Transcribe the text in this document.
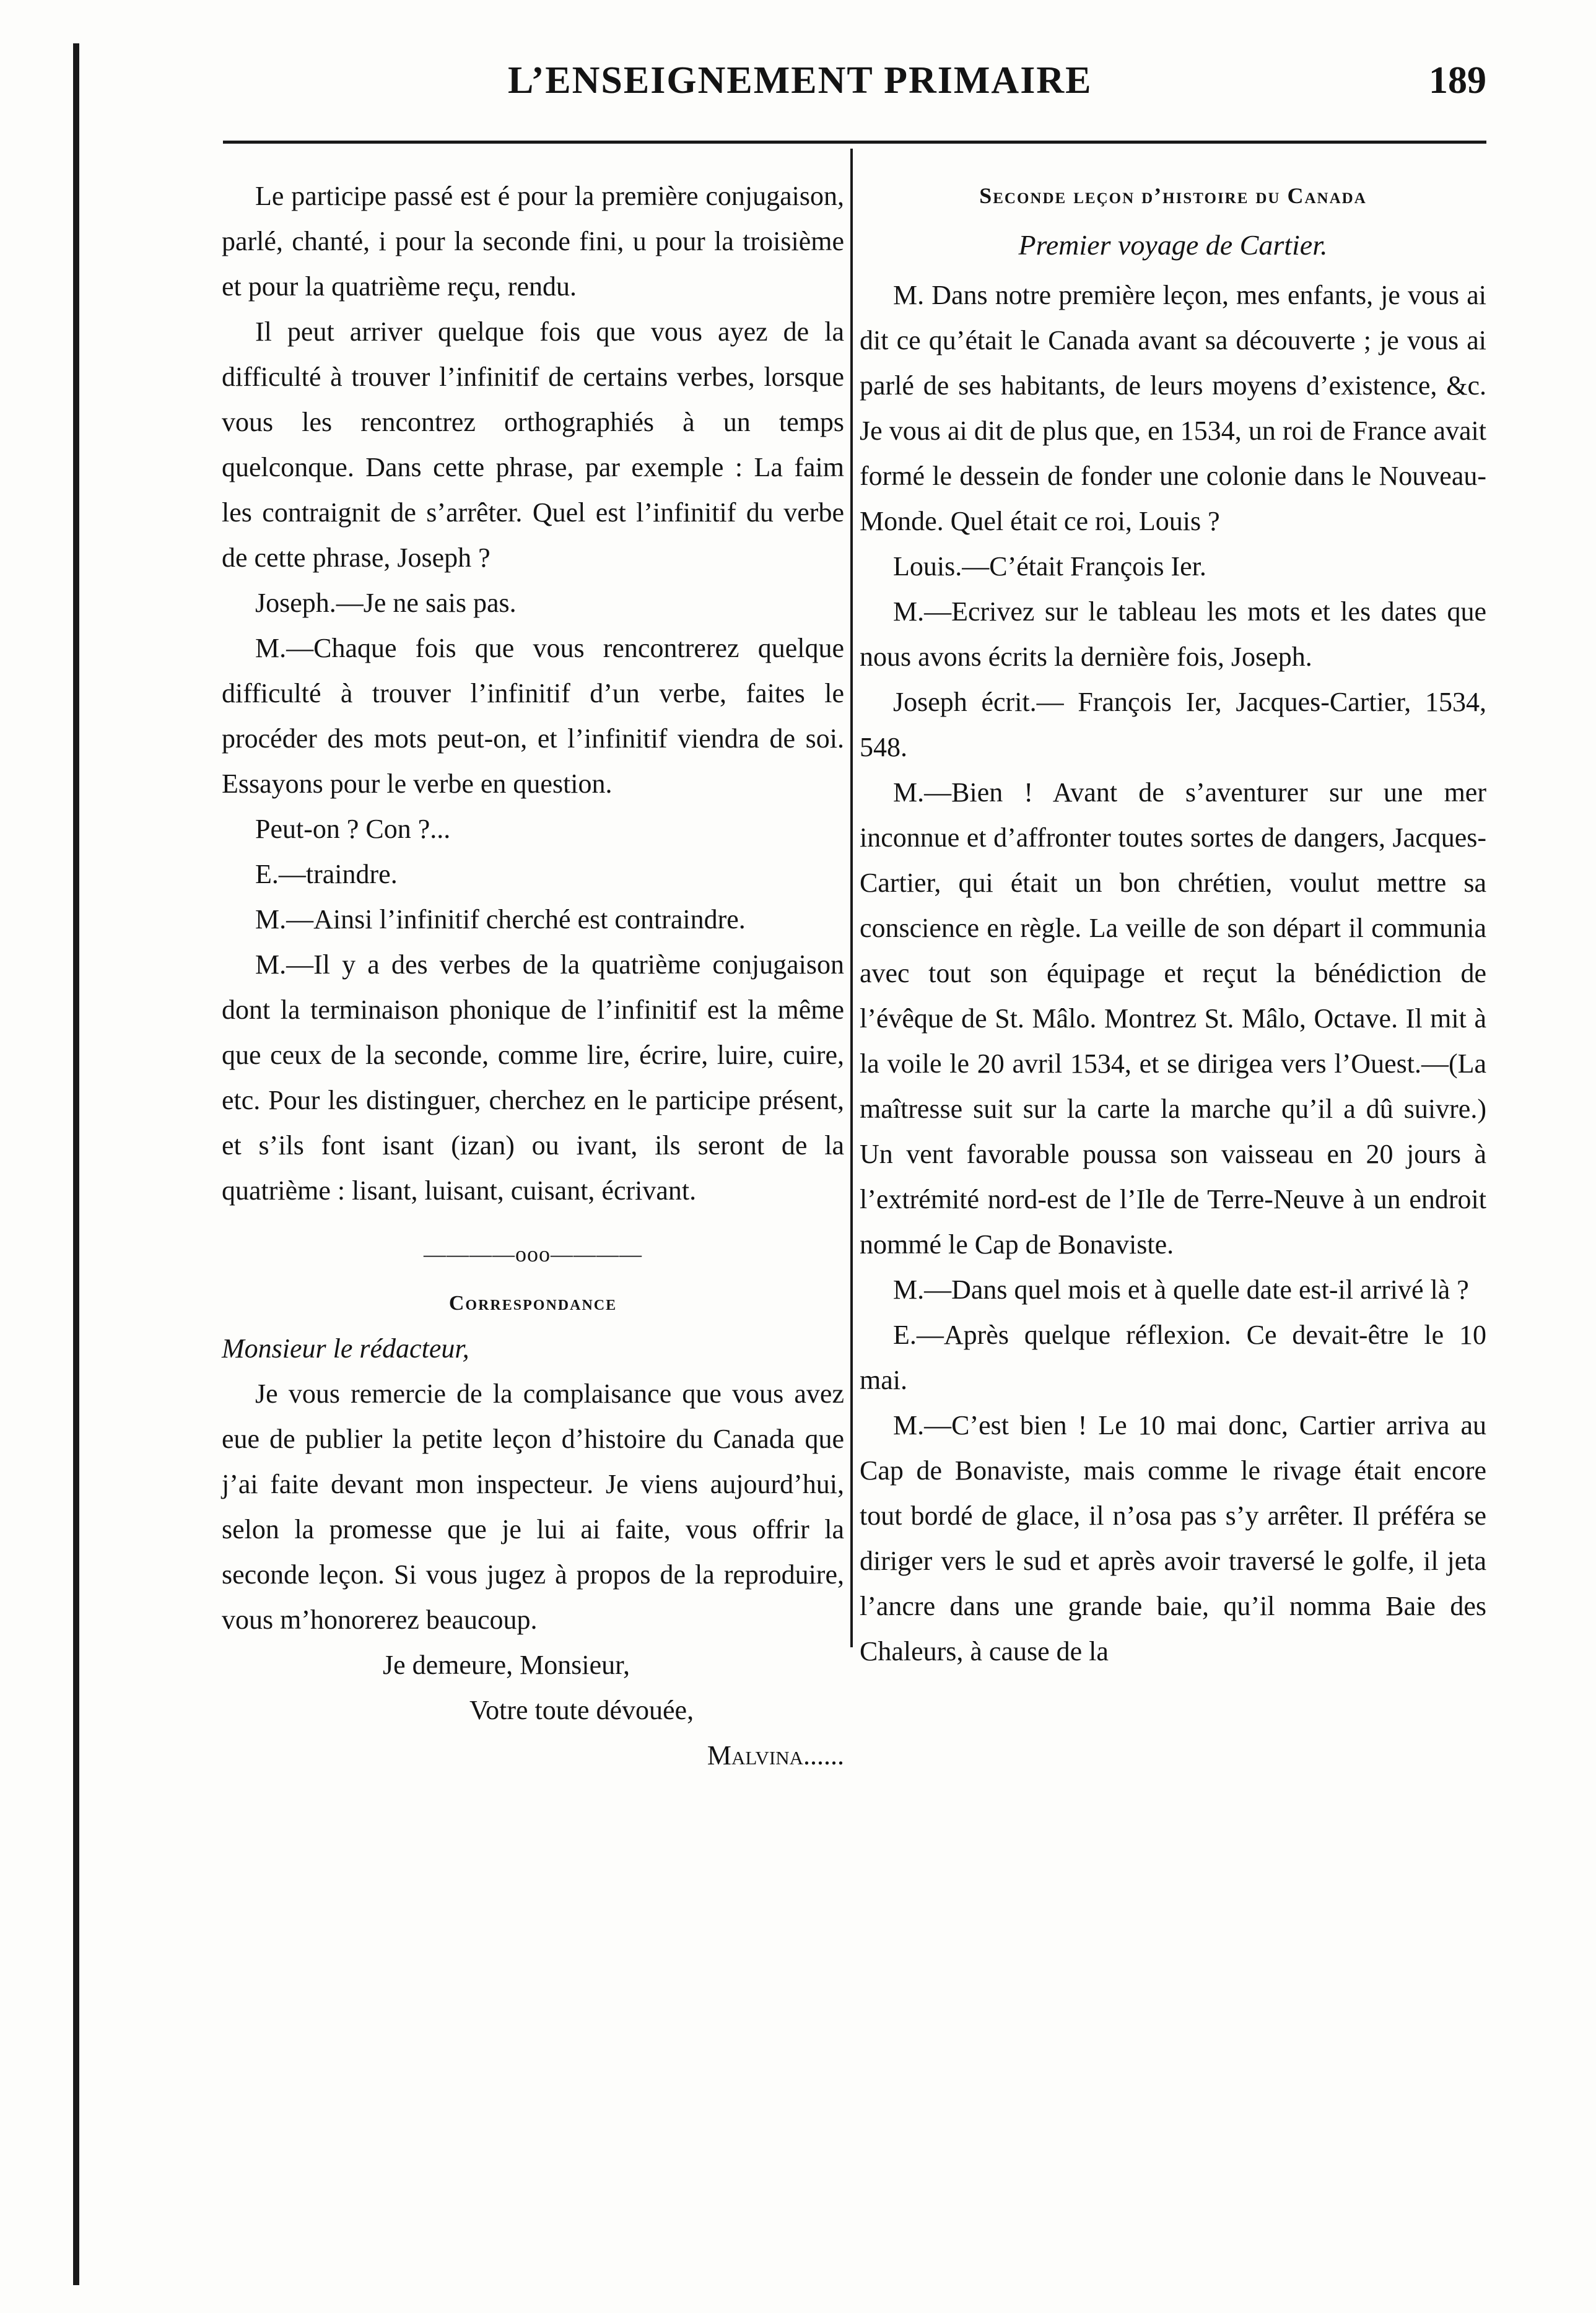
L’ENSEIGNEMENT PRIMAIRE	189

Le participe passé est é pour la première conjugaison, parlé, chanté, i pour la seconde fini, u pour la troisième et pour la quatrième reçu, rendu.

Il peut arriver quelque fois que vous ayez de la difficulté à trouver l’infinitif de certains verbes, lorsque vous les rencontrez orthographiés à un temps quelconque. Dans cette phrase, par exemple : La faim les contraignit de s’arrêter. Quel est l’infinitif du verbe de cette phrase, Joseph ?

Joseph.—Je ne sais pas.

M.—Chaque fois que vous rencontrerez quelque difficulté à trouver l’infinitif d’un verbe, faites le procéder des mots peut-on, et l’infinitif viendra de soi. Essayons pour le verbe en question.

Peut-on ? Con ?...

E.—traindre.

M.—Ainsi l’infinitif cherché est contraindre.

M.—Il y a des verbes de la quatrième conjugaison dont la terminaison phonique de l’infinitif est la même que ceux de la seconde, comme lire, écrire, luire, cuire, etc. Pour les distinguer, cherchez en le participe présent, et s’ils font isant (izan) ou ivant, ils seront de la quatrième : lisant, luisant, cuisant, écrivant.

————ooo————
Correspondance

Monsieur le rédacteur,

Je vous remercie de la complaisance que vous avez eue de publier la petite leçon d’histoire du Canada que j’ai faite devant mon inspecteur. Je viens aujourd’hui, selon la promesse que je lui ai faite, vous offrir la seconde leçon. Si vous jugez à propos de la reproduire, vous m’honorerez beaucoup.

Je demeure, Monsieur,

Votre toute dévouée,

Malvina......

Seconde leçon d’histoire du Canada
Premier voyage de Cartier.

M. Dans notre première leçon, mes enfants, je vous ai dit ce qu’était le Canada avant sa découverte ; je vous ai parlé de ses habitants, de leurs moyens d’existence, &c. Je vous ai dit de plus que, en 1534, un roi de France avait formé le dessein de fonder une colonie dans le Nouveau-Monde. Quel était ce roi, Louis ?

Louis.—C’était François Ier.

M.—Ecrivez sur le tableau les mots et les dates que nous avons écrits la dernière fois, Joseph.

Joseph écrit.— François Ier, Jacques-Cartier, 1534, 548.

M.—Bien ! Avant de s’aventurer sur une mer inconnue et d’affronter toutes sortes de dangers, Jacques-Cartier, qui était un bon chrétien, voulut mettre sa conscience en règle. La veille de son départ il communia avec tout son équipage et reçut la bénédiction de l’évêque de St. Mâlo. Montrez St. Mâlo, Octave. Il mit à la voile le 20 avril 1534, et se dirigea vers l’Ouest.—(La maîtresse suit sur la carte la marche qu’il a dû suivre.) Un vent favorable poussa son vaisseau en 20 jours à l’extrémité nord-est de l’Ile de Terre-Neuve à un endroit nommé le Cap de Bonaviste.

M.—Dans quel mois et à quelle date est-il arrivé là ?

E.—Après quelque réflexion. Ce devait-être le 10 mai.

M.—C’est bien ! Le 10 mai donc, Cartier arriva au Cap de Bonaviste, mais comme le rivage était encore tout bordé de glace, il n’osa pas s’y arrêter. Il préféra se diriger vers le sud et après avoir traversé le golfe, il jeta l’ancre dans une grande baie, qu’il nomma Baie des Chaleurs, à cause de la
